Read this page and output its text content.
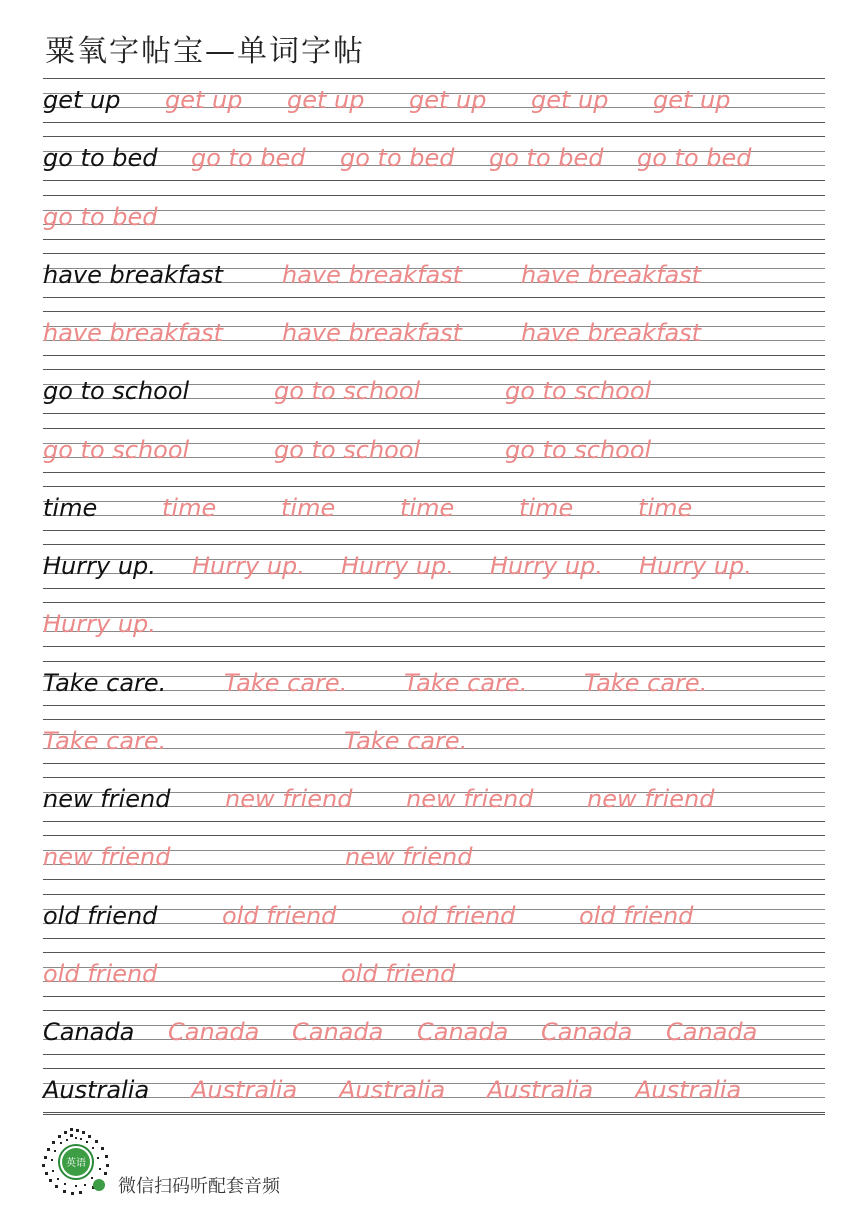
粟氧字帖宝—单词字帖
get up get up get up get up get up get up
go to bed go to bed go to bed go to bed go to bed
go to bed
have breakfast have breakfast have breakfast
have breakfast have breakfast have breakfast
go to school	go to school	go to school
go to school	go to school	go to school
time	time	time	time	time	time
Hurry up. Hurry up. Hurry up. Hurry up. Hurry up.
Hurry up.
Take care. Take care. Take care. Take care.
Take care.	Take care.
new friend new friend new friend new friend
new friend	new friend
old friend	old friend	old friend	old friend
old friend	old friend
Canada Canada Canada Canada Canada Canada
Australia Australia Australia Australia Australia
英语
微信扫码听配套音频
